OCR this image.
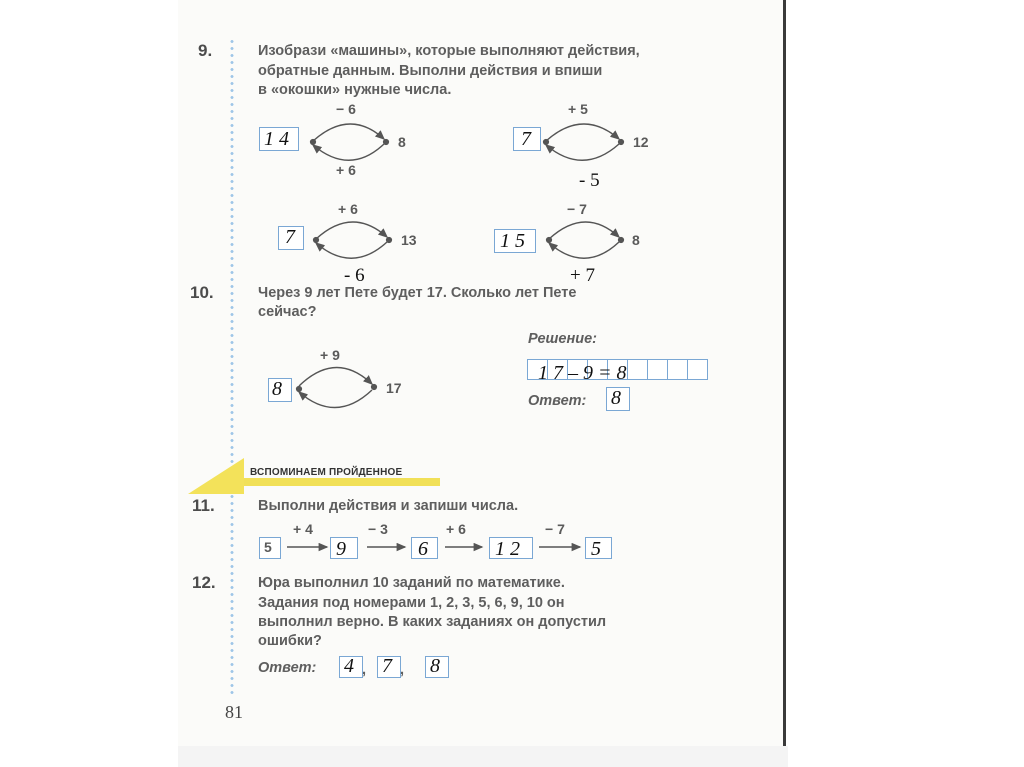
9.	Изобрази «машины», которые выполняют действия,
обратные данным. Выполни действия и впиши
в «окошки» нужные числа.
− 6
8
+ 6
1 4
+ 5
12
7
- 5
+ 6
13
7
- 6
− 7
8
1 5
+ 7
10.	Через 9 лет Пете будет 17. Сколько лет Пете
сейчас?
+ 9
17
8
Решение:
1 7 – 9 = 8
Ответ: 8
ВСПОМИНАЕМ ПРОЙДЕННОЕ
11.	Выполни действия и запиши числа.
+ 4	− 3	+ 6	− 7
5	9	6	1 2	5
12.	Юра выполнил 10 заданий по математике.
Задания под номерами 1, 2, 3, 5, 6, 9, 10 он
выполнил верно. В каких заданиях он допустил
ошибки?
Ответ: 4 , 7 , 8
81
